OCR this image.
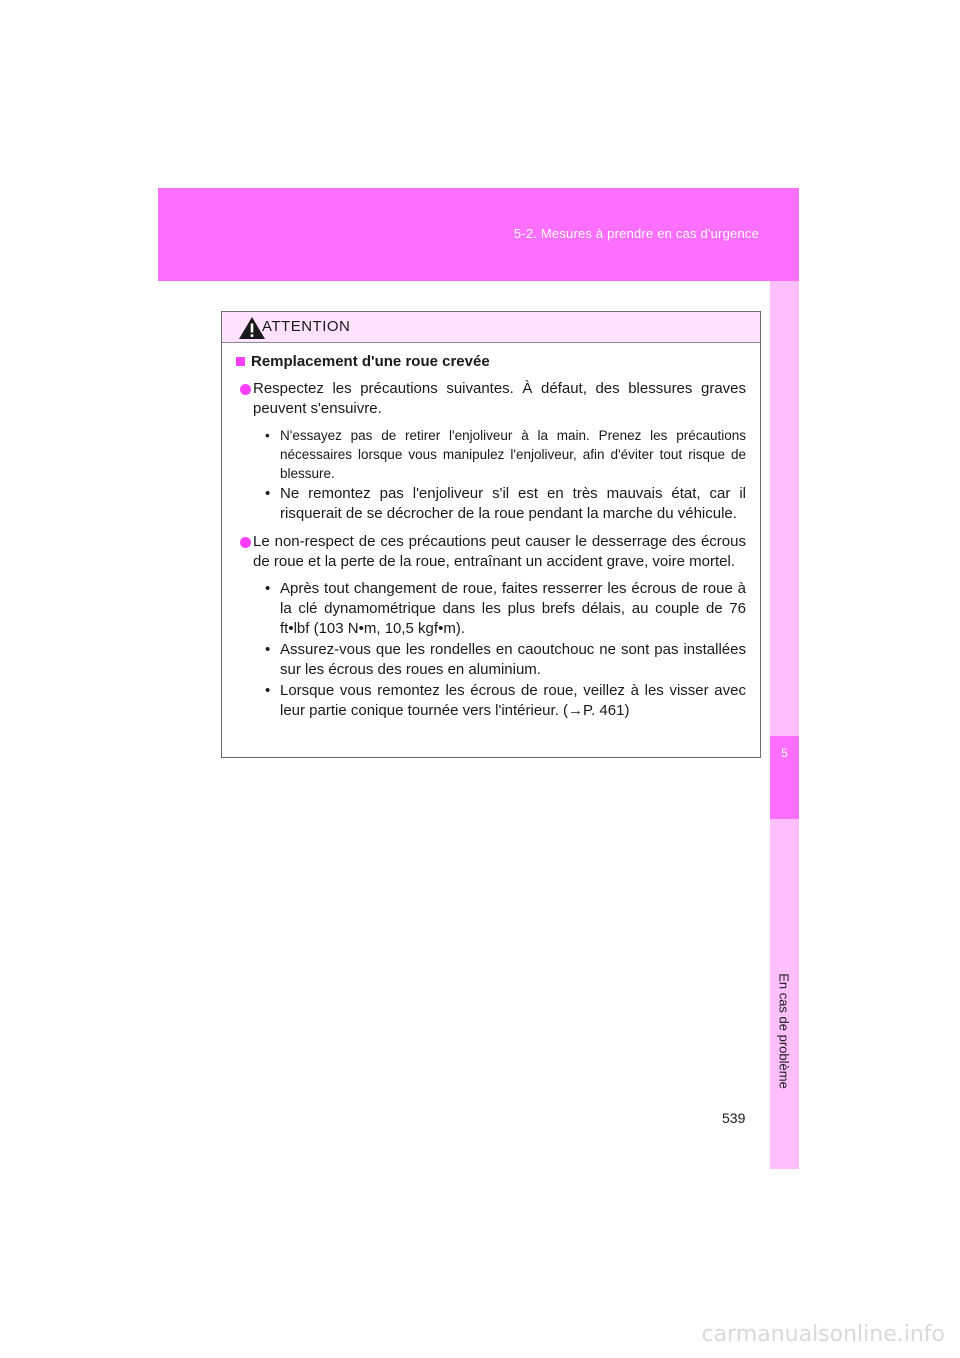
5-2. Mesures à prendre en cas d'urgence
5
En cas de problème
ATTENTION
Remplacement d'une roue crevée
Respectez les précautions suivantes. À défaut, des blessures graves peuvent s'ensuivre.
• N'essayez pas de retirer l'enjoliveur à la main. Prenez les précautions nécessaires lorsque vous manipulez l'enjoliveur, afin d'éviter tout risque de blessure.
• Ne remontez pas l'enjoliveur s'il est en très mauvais état, car il risquerait de se décrocher de la roue pendant la marche du véhicule.
Le non-respect de ces précautions peut causer le desserrage des écrous de roue et la perte de la roue, entraînant un accident grave, voire mortel.
• Après tout changement de roue, faites resserrer les écrous de roue à la clé dynamométrique dans les plus brefs délais, au couple de 76 ft•lbf (103 N•m, 10,5 kgf•m).
• Assurez-vous que les rondelles en caoutchouc ne sont pas installées sur les écrous des roues en aluminium.
• Lorsque vous remontez les écrous de roue, veillez à les visser avec leur partie conique tournée vers l'intérieur. (→P. 461)
539
carmanualsonline.info
